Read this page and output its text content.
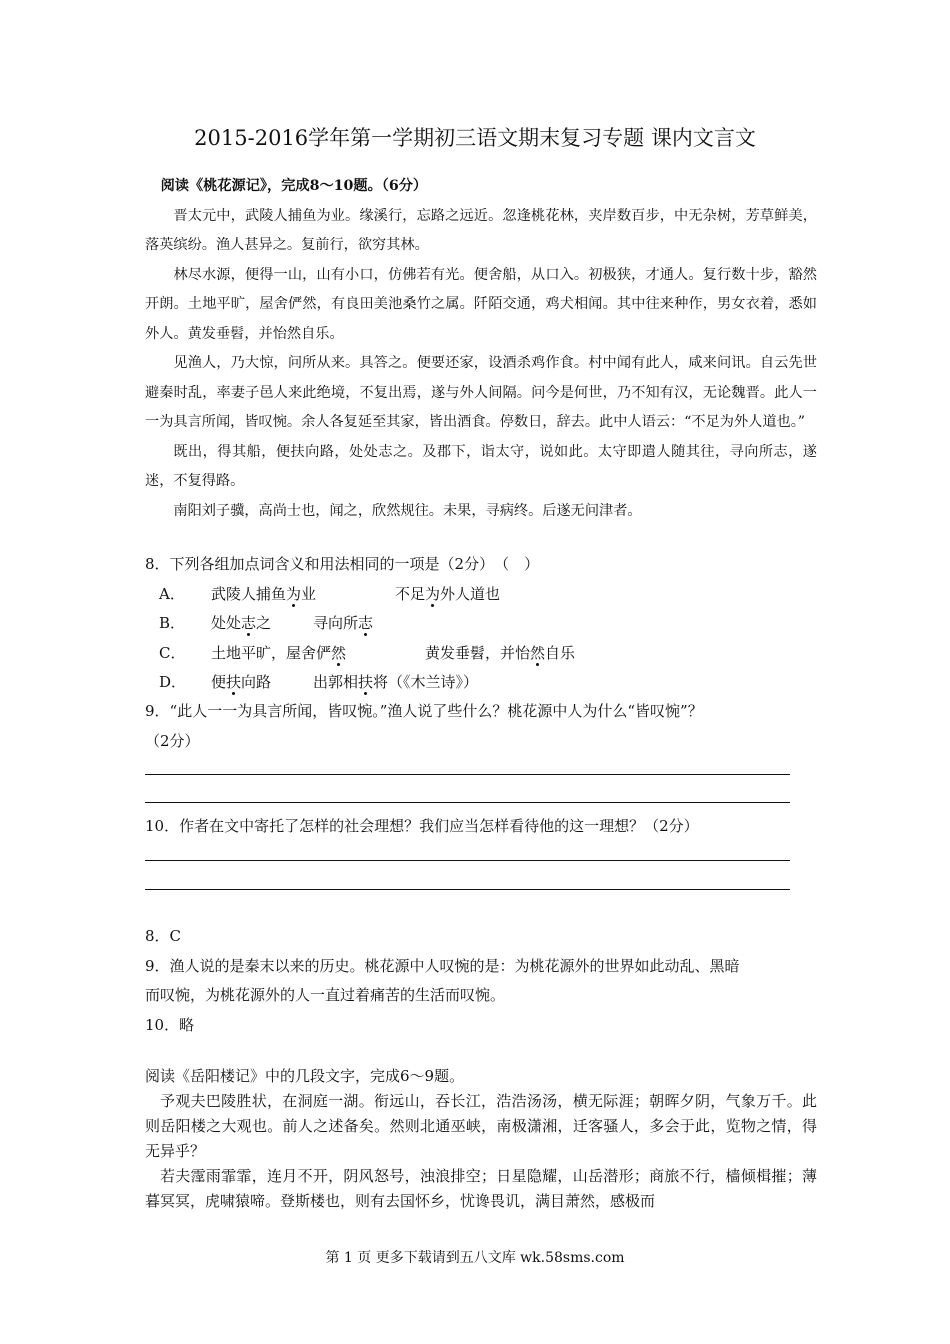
2015-2016学年第一学期初三语文期末复习专题 课内文言文
阅读《桃花源记》，完成8～10题。（6分）

晋太元中，武陵人捕鱼为业。缘溪行，忘路之远近。忽逢桃花林，夹岸数百步，中无杂树，芳草鲜美，落英缤纷。渔人甚异之。复前行，欲穷其林。

林尽水源，便得一山，山有小口，仿佛若有光。便舍船，从口入。初极狭，才通人。复行数十步，豁然开朗。土地平旷，屋舍俨然，有良田美池桑竹之属。阡陌交通，鸡犬相闻。其中往来种作，男女衣着，悉如外人。黄发垂髫，并怡然自乐。

见渔人，乃大惊，问所从来。具答之。便要还家，设酒杀鸡作食。村中闻有此人，咸来问讯。自云先世避秦时乱，率妻子邑人来此绝境，不复出焉，遂与外人间隔。问今是何世，乃不知有汉，无论魏晋。此人一一为具言所闻，皆叹惋。余人各复延至其家，皆出酒食。停数日，辞去。此中人语云：“不足为外人道也。”

既出，得其船，便扶向路，处处志之。及郡下，诣太守，说如此。太守即遣人随其往，寻向所志，遂迷，不复得路。

南阳刘子骥，高尚士也，闻之，欣然规往。未果，寻病终。后遂无问津者。

8．下列各组加点词含义和用法相同的一项是（2分）　（　）
A． 武陵人捕鱼为业	不足为外人道也
B． 处处志之	寻向所志
C． 土地平旷，屋舍俨然	黄发垂髫，并怡然自乐
D． 便扶向路	出郭相扶将（《木兰诗》）
9．“此人一一为具言所闻，皆叹惋。”渔人说了些什么？桃花源中人为什么“皆叹惋”？
（2分）
10．作者在文中寄托了怎样的社会理想？我们应当怎样看待他的这一理想？（2分）
8．C
9．渔人说的是秦末以来的历史。桃花源中人叹惋的是：为桃花源外的世界如此动乱、黑暗
而叹惋，为桃花源外的人一直过着痛苦的生活而叹惋。
10．略

阅读《岳阳楼记》中的几段文字，完成6～9题。

予观夫巴陵胜状，在洞庭一湖。衔远山，吞长江，浩浩汤汤，横无际涯；朝晖夕阴，气象万千。此则岳阳楼之大观也。前人之述备矣。然则北通巫峡，南极潇湘，迁客骚人，多会于此，览物之情，得无异乎？

若夫霪雨霏霏，连月不开，阴风怒号，浊浪排空；日星隐耀，山岳潜形；商旅不行，樯倾楫摧；薄暮冥冥，虎啸猿啼。登斯楼也，则有去国怀乡，忧谗畏讥，满目萧然，感极而

第 1 页 更多下载请到五八文库 wk.58sms.com
